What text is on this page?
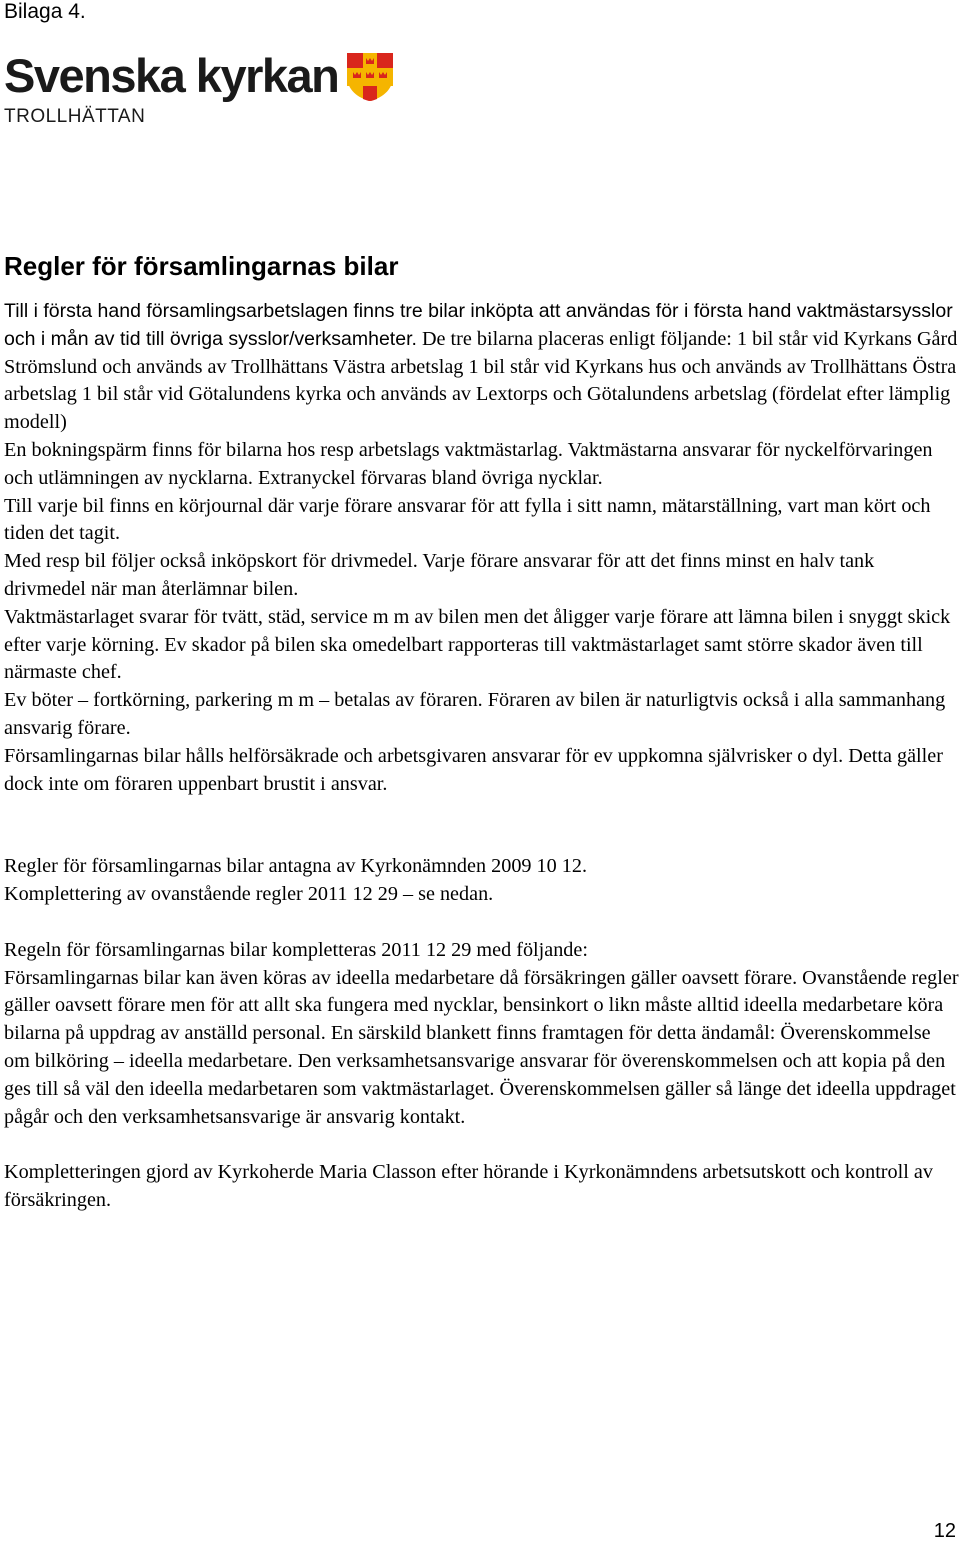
Bilaga 4.
Svenska kyrkan
TROLLHÄTTAN
Regler för församlingarnas bilar

Till i första hand församlingsarbetslagen finns tre bilar inköpta att användas för i första hand vaktmästarsysslor och i mån av tid till övriga sysslor/verksamheter. De tre bilarna placeras enligt följande: 1 bil står vid Kyrkans Gård Strömslund och används av Trollhättans Västra arbetslag 1 bil står vid Kyrkans hus och används av Trollhättans Östra arbetslag 1 bil står vid Götalundens kyrka och används av Lextorps och Götalundens arbetslag (fördelat efter lämplig modell)

En bokningspärm finns för bilarna hos resp arbetslags vaktmästarlag. Vaktmästarna ansvarar för nyckelförvaringen och utlämningen av nycklarna. Extranyckel förvaras bland övriga nycklar.

Till varje bil finns en körjournal där varje förare ansvarar för att fylla i sitt namn, mätarställning, vart man kört och tiden det tagit.

Med resp bil följer också inköpskort för drivmedel. Varje förare ansvarar för att det finns minst en halv tank drivmedel när man återlämnar bilen.

Vaktmästarlaget svarar för tvätt, städ, service m m av bilen men det åligger varje förare att lämna bilen i snyggt skick efter varje körning. Ev skador på bilen ska omedelbart rapporteras till vaktmästarlaget samt större skador även till närmaste chef.

Ev böter – fortkörning, parkering m m – betalas av föraren. Föraren av bilen är naturligtvis också i alla sammanhang ansvarig förare.

Församlingarnas bilar hålls helförsäkrade och arbetsgivaren ansvarar för ev uppkomna självrisker o dyl. Detta gäller dock inte om föraren uppenbart brustit i ansvar.

Regler för församlingarnas bilar antagna av Kyrkonämnden 2009 10 12.

Komplettering av ovanstående regler 2011 12 29 – se nedan.

Regeln för församlingarnas bilar kompletteras 2011 12 29 med följande:

Församlingarnas bilar kan även köras av ideella medarbetare då försäkringen gäller oavsett förare. Ovanstående regler gäller oavsett förare men för att allt ska fungera med nycklar, bensinkort o likn måste alltid ideella medarbetare köra bilarna på uppdrag av anställd personal. En särskild blankett finns framtagen för detta ändamål: Överenskommelse om bilköring – ideella medarbetare. Den verksamhetsansvarige ansvarar för överenskommelsen och att kopia på den ges till så väl den ideella medarbetaren som vaktmästarlaget. Överenskommelsen gäller så länge det ideella uppdraget pågår och den verksamhetsansvarige är ansvarig kontakt.

Kompletteringen gjord av Kyrkoherde Maria Classon efter hörande i Kyrkonämndens arbetsutskott och kontroll av försäkringen.

12
